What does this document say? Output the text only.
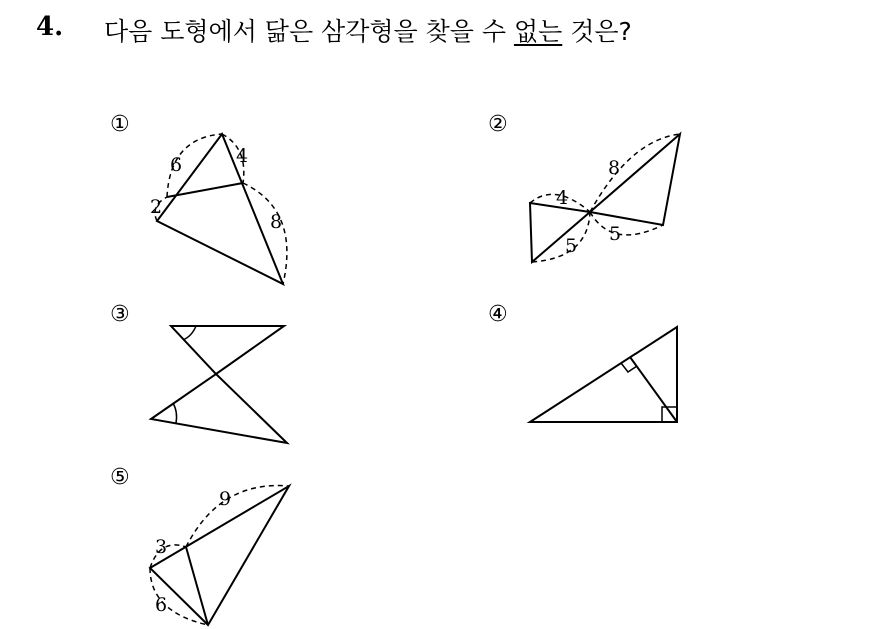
4. 다음 도형에서 닮은 삼각형을 찾을 수 없는 것은?
①	②
③	④
⑤
6	4
2
8
4
8
5
5
9
3
6
